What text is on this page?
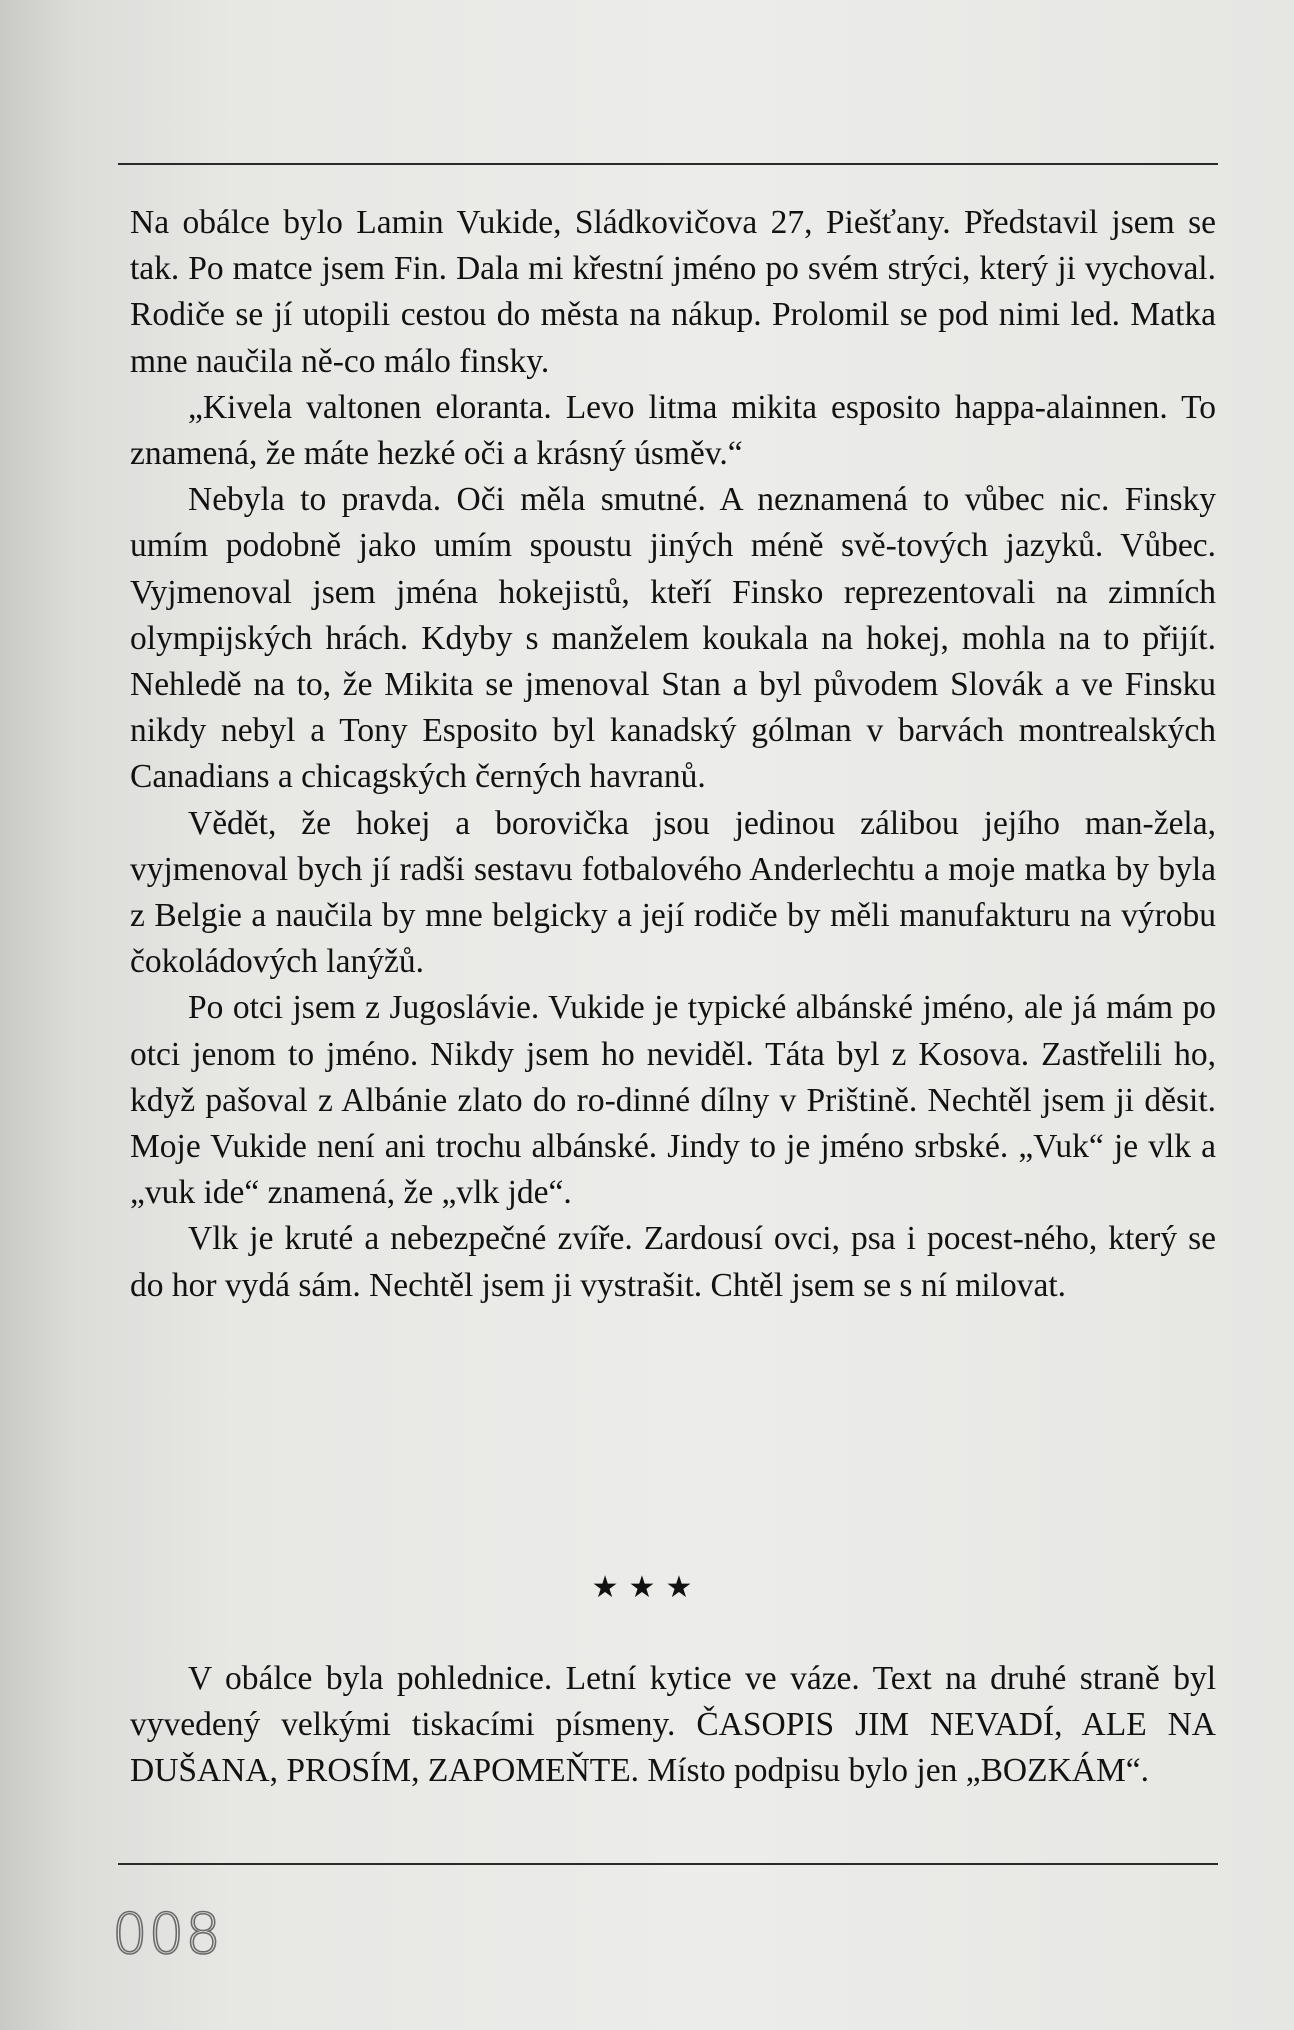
Na obálce bylo Lamin Vukide, Sládkovičova 27, Piešťany. Představil jsem se tak. Po matce jsem Fin. Dala mi křestní jméno po svém strýci, který ji vychoval. Rodiče se jí utopili cestou do města na nákup. Prolomil se pod nimi led. Matka mne naučila ně-co málo finsky.

„Kivela valtonen eloranta. Levo litma mikita esposito happa-alainnen. To znamená, že máte hezké oči a krásný úsměv.“

Nebyla to pravda. Oči měla smutné. A neznamená to vůbec nic. Finsky umím podobně jako umím spoustu jiných méně svě-tových jazyků. Vůbec. Vyjmenoval jsem jména hokejistů, kteří Finsko reprezentovali na zimních olympijských hrách. Kdyby s manželem koukala na hokej, mohla na to přijít. Nehledě na to, že Mikita se jmenoval Stan a byl původem Slovák a ve Finsku nikdy nebyl a Tony Esposito byl kanadský gólman v barvách montrealských Canadians a chicagských černých havranů.

Vědět, že hokej a borovička jsou jedinou zálibou jejího man-žela, vyjmenoval bych jí radši sestavu fotbalového Anderlechtu a moje matka by byla z Belgie a naučila by mne belgicky a její rodiče by měli manufakturu na výrobu čokoládových lanýžů.

Po otci jsem z Jugoslávie. Vukide je typické albánské jméno, ale já mám po otci jenom to jméno. Nikdy jsem ho neviděl. Táta byl z Kosova. Zastřelili ho, když pašoval z Albánie zlato do ro-dinné dílny v Prištině. Nechtěl jsem ji děsit. Moje Vukide není ani trochu albánské. Jindy to je jméno srbské. „Vuk“ je vlk a „vuk ide“ znamená, že „vlk jde“.

Vlk je kruté a nebezpečné zvíře. Zardousí ovci, psa i pocest-ného, který se do hor vydá sám. Nechtěl jsem ji vystrašit. Chtěl jsem se s ní milovat.

★★★

V obálce byla pohlednice. Letní kytice ve váze. Text na druhé straně byl vyvedený velkými tiskacími písmeny. ČASOPIS JIM NEVADÍ, ALE NA DUŠANA, PROSÍM, ZAPOMEŇTE. Místo podpisu bylo jen „BOZKÁM“.

008
